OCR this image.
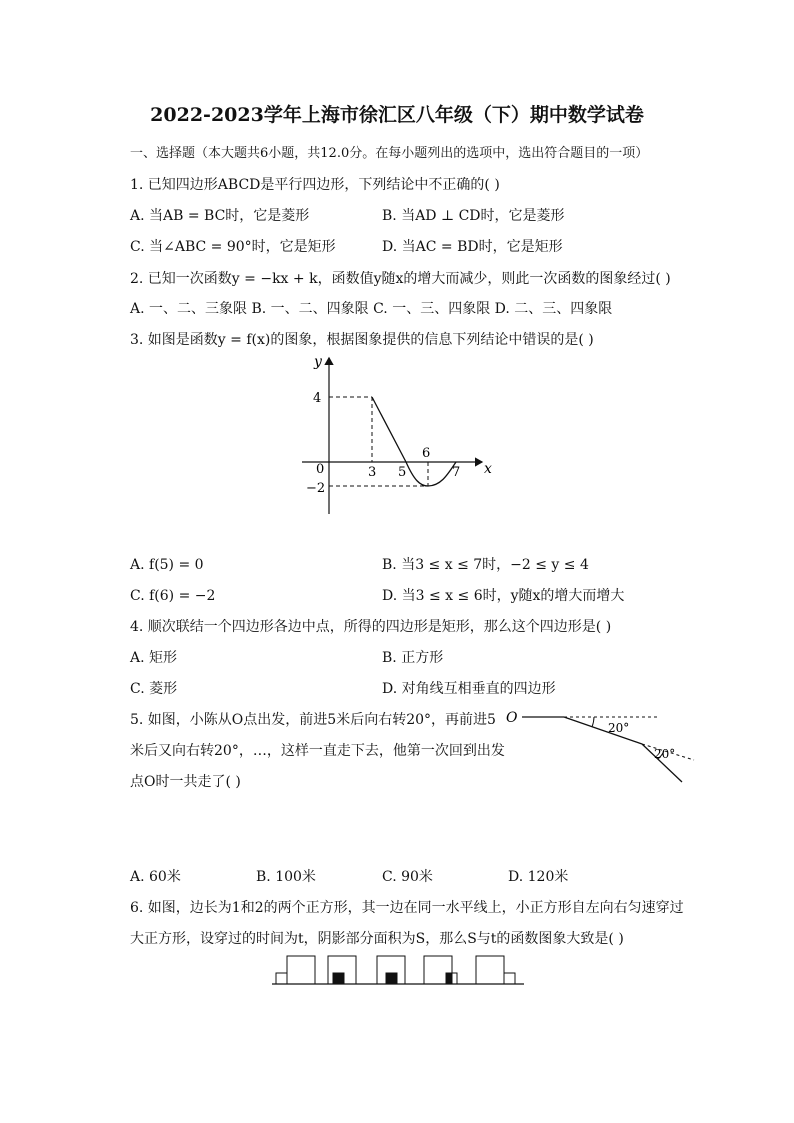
2022-2023学年上海市徐汇区八年级（下）期中数学试卷
一、选择题（本大题共6小题，共12.0分。在每小题列出的选项中，选出符合题目的一项）
1. 已知四边形ABCD是平行四边形，下列结论中不正确的( )
A. 当AB = BC时，它是菱形	B. 当AD ⊥ CD时，它是菱形
C. 当∠ABC = 90°时，它是矩形	D. 当AC = BD时，它是矩形
2. 已知一次函数y = −kx + k，函数值y随x的增大而减少，则此一次函数的图象经过( )
A. 一、二、三象限 B. 一、二、四象限 C. 一、三、四象限 D. 二、三、四象限
3. 如图是函数y = f(x)的图象，根据图象提供的信息下列结论中错误的是( )
y
x
0
4
−2
3 5
6
7
A. f(5) = 0	B. 当3 ≤ x ≤ 7时，−2 ≤ y ≤ 4
C. f(6) = −2	D. 当3 ≤ x ≤ 6时，y随x的增大而增大
4. 顺次联结一个四边形各边中点，所得的四边形是矩形，那么这个四边形是( )
A. 矩形	B. 正方形
C. 菱形	D. 对角线互相垂直的四边形
5. 如图，小陈从O点出发，前进5米后向右转20°，再前进5
米后又向右转20°，…，这样一直走下去，他第一次回到出发
点O时一共走了( )
O
20°
20°
A. 60米	B. 100米	C. 90米	D. 120米
6. 如图，边长为1和2的两个正方形，其一边在同一水平线上，小正方形自左向右匀速穿过
大正方形，设穿过的时间为t，阴影部分面积为S，那么S与t的函数图象大致是( )
